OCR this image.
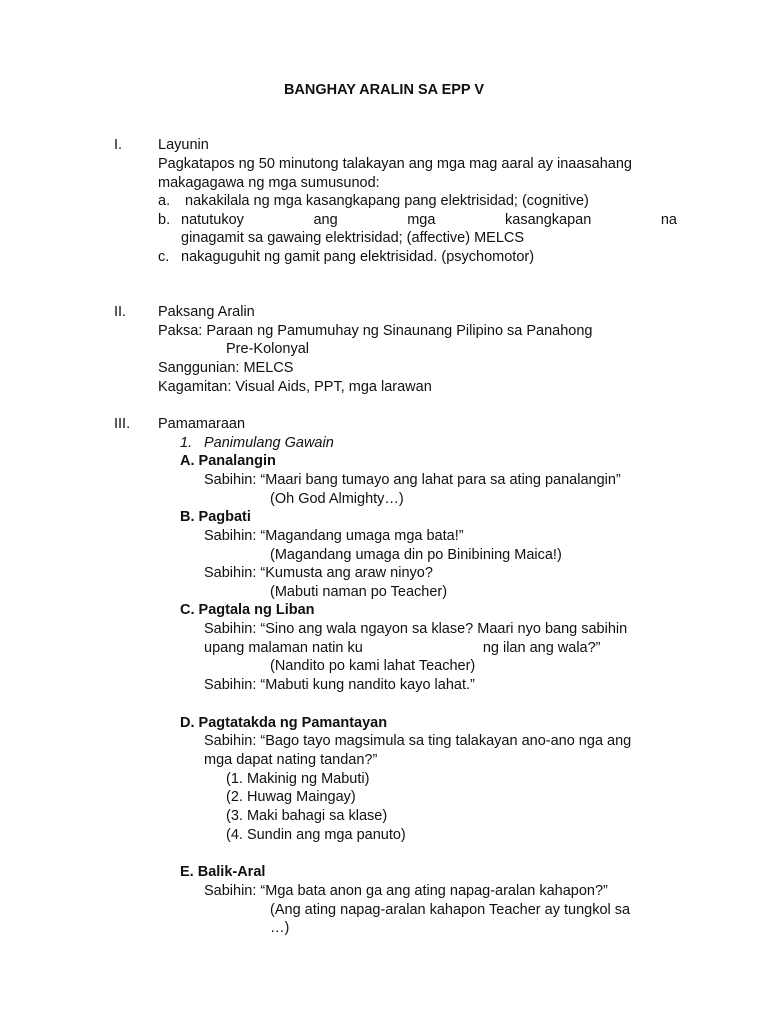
BANGHAY ARALIN SA EPP V
I. Layunin
Pagkatapos ng 50 minutong talakayan ang mga mag aaral ay inaasahang
makagagawa ng mga sumusunod:
a. nakakilala ng mga kasangkapang pang elektrisidad; (cognitive)
b. natutukoy	ang	mga	kasangkapan	na
ginagamit sa gawaing elektrisidad; (affective) MELCS
c. nakaguguhit ng gamit pang elektrisidad. (psychomotor)
II. Paksang Aralin
Paksa: Paraan ng Pamumuhay ng Sinaunang Pilipino sa Panahong
Pre-Kolonyal
Sanggunian: MELCS
Kagamitan: Visual Aids, PPT, mga larawan
III. Pamamaraan
1. Panimulang Gawain
A. Panalangin
Sabihin: “Maari bang tumayo ang lahat para sa ating panalangin”
(Oh God Almighty…)
B. Pagbati
Sabihin: “Magandang umaga mga bata!”
(Magandang umaga din po Binibining Maica!)
Sabihin: “Kumusta ang araw ninyo?
(Mabuti naman po Teacher)
C. Pagtala ng Liban
Sabihin: “Sino ang wala ngayon sa klase? Maari nyo bang sabihin
upang malaman natin ku	ng ilan ang wala?”
(Nandito po kami lahat Teacher)
Sabihin: “Mabuti kung nandito kayo lahat.”
D. Pagtatakda ng Pamantayan
Sabihin: “Bago tayo magsimula sa ting talakayan ano-ano nga ang
mga dapat nating tandan?”
(1. Makinig ng Mabuti)
(2. Huwag Maingay)
(3. Maki bahagi sa klase)
(4. Sundin ang mga panuto)
E. Balik-Aral
Sabihin: “Mga bata anon ga ang ating napag-aralan kahapon?”
(Ang ating napag-aralan kahapon Teacher ay tungkol sa
…)
